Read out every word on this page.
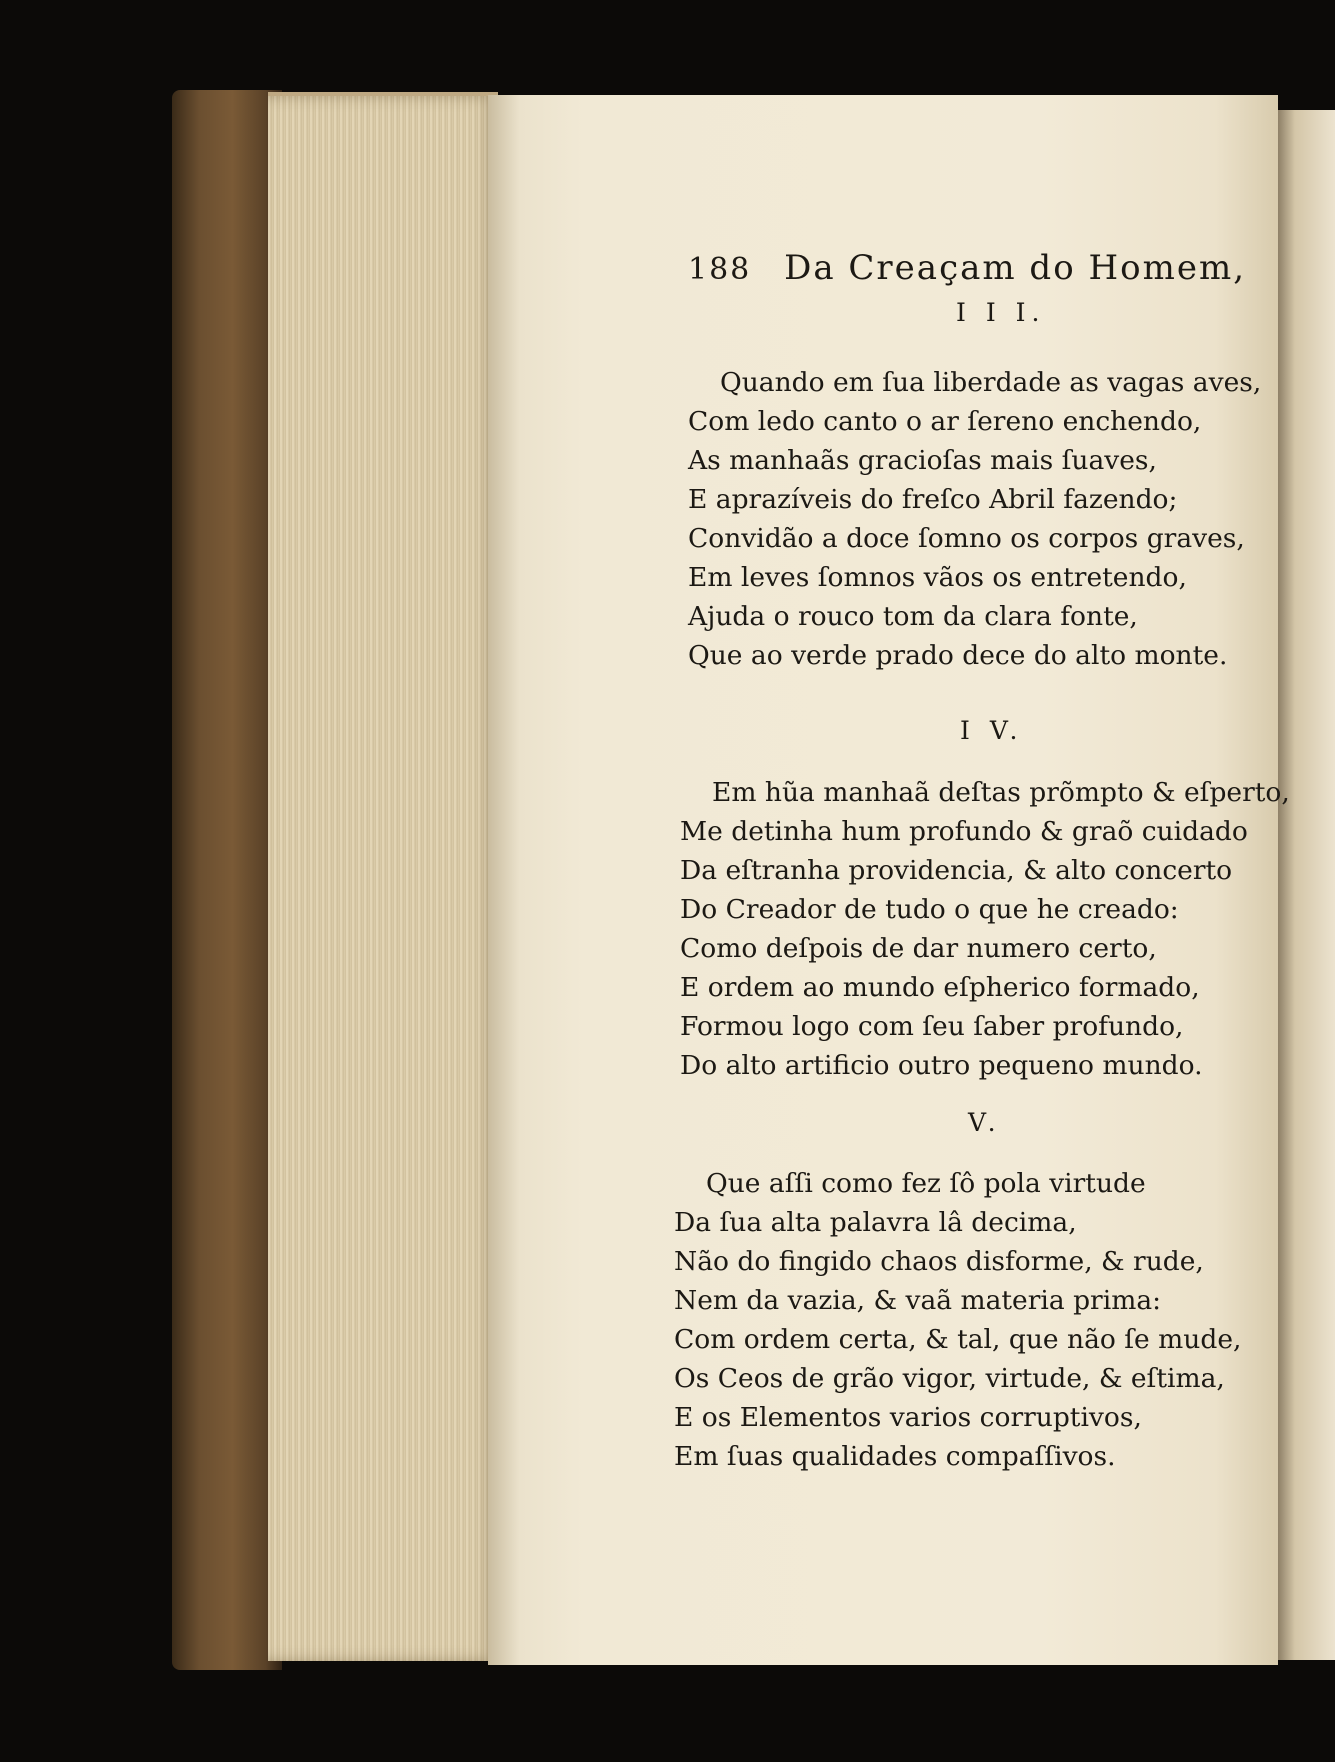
188 Da Creaçam do Homem,
I I I.
Quando em ſua liberdade as vagas aves,
Com ledo canto o ar ſereno enchendo,
As manhaãs gracioſas mais ſuaves,
E aprazíveis do freſco Abril fazendo;
Convidão a doce ſomno os corpos graves,
Em leves ſomnos vãos os entretendo,
Ajuda o rouco tom da clara fonte,
Que ao verde prado dece do alto monte.
I V.
Em hũa manhaã deſtas prõmpto & eſperto,
Me detinha hum profundo & graõ cuidado
Da eſtranha providencia, & alto concerto
Do Creador de tudo o que he creado:
Como deſpois de dar numero certo,
E ordem ao mundo eſpherico formado,
Formou logo com ſeu ſaber profundo,
Do alto artificio outro pequeno mundo.
V.
Que aſſi como fez ſô pola virtude
Da ſua alta palavra lâ decima,
Não do fingido chaos disforme, & rude,
Nem da vazia, & vaã materia prima:
Com ordem certa, & tal, que não ſe mude,
Os Ceos de grão vigor, virtude, & eſtima,
E os Elementos varios corruptivos,
Em ſuas qualidades compaſſivos.
